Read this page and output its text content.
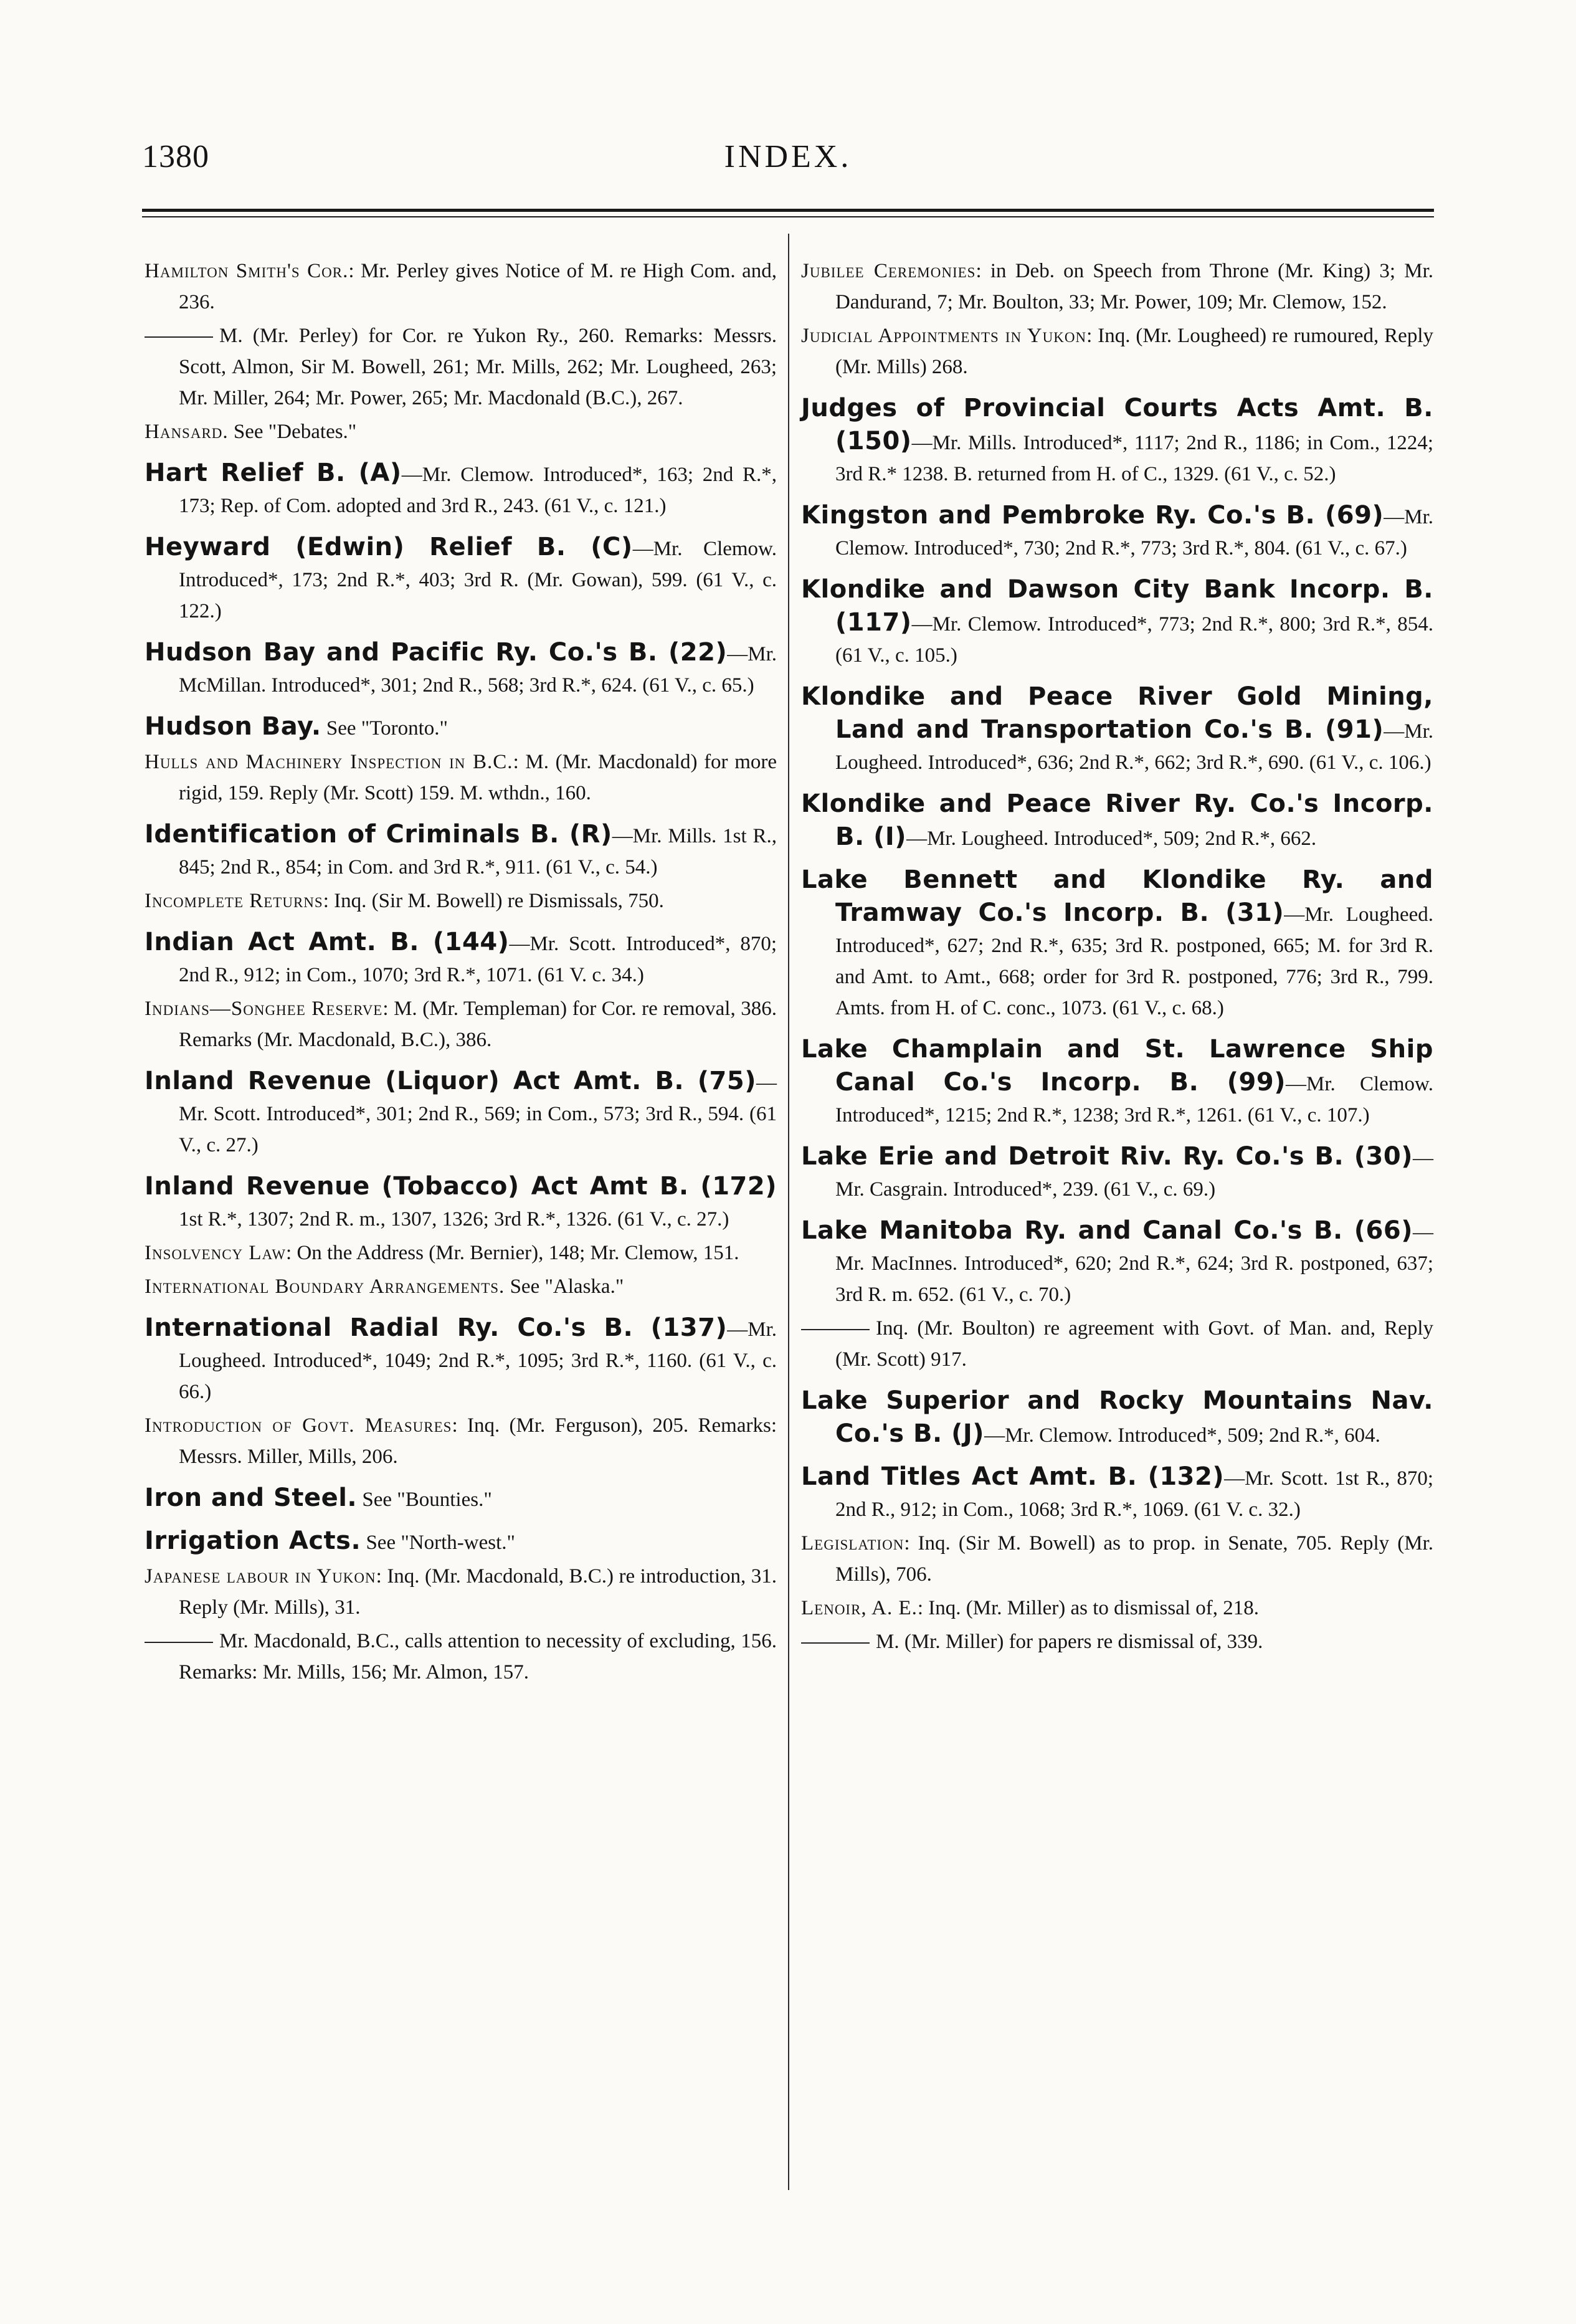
1380	INDEX.

Hamilton Smith's Cor.: Mr. Perley gives Notice of M. re High Com. and, 236.

M. (Mr. Perley) for Cor. re Yukon Ry., 260. Remarks: Messrs. Scott, Almon, Sir M. Bowell, 261; Mr. Mills, 262; Mr. Lougheed, 263; Mr. Miller, 264; Mr. Power, 265; Mr. Macdonald (B.C.), 267.

Hansard. See "Debates."

Hart Relief B. (A)—Mr. Clemow. Introduced*, 163; 2nd R.*, 173; Rep. of Com. adopted and 3rd R., 243. (61 V., c. 121.)

Heyward (Edwin) Relief B. (C)—Mr. Clemow. Introduced*, 173; 2nd R.*, 403; 3rd R. (Mr. Gowan), 599. (61 V., c. 122.)

Hudson Bay and Pacific Ry. Co.'s B. (22)—Mr. McMillan. Introduced*, 301; 2nd R., 568; 3rd R.*, 624. (61 V., c. 65.)

Hudson Bay. See "Toronto."

Hulls and Machinery Inspection in B.C.: M. (Mr. Macdonald) for more rigid, 159. Reply (Mr. Scott) 159. M. wthdn., 160.

Identification of Criminals B. (R)—Mr. Mills. 1st R., 845; 2nd R., 854; in Com. and 3rd R.*, 911. (61 V., c. 54.)

Incomplete Returns: Inq. (Sir M. Bowell) re Dismissals, 750.

Indian Act Amt. B. (144)—Mr. Scott. Introduced*, 870; 2nd R., 912; in Com., 1070; 3rd R.*, 1071. (61 V. c. 34.)

Indians—Songhee Reserve: M. (Mr. Templeman) for Cor. re removal, 386. Remarks (Mr. Macdonald, B.C.), 386.

Inland Revenue (Liquor) Act Amt. B. (75)—Mr. Scott. Introduced*, 301; 2nd R., 569; in Com., 573; 3rd R., 594. (61 V., c. 27.)

Inland Revenue (Tobacco) Act Amt B. (172) 1st R.*, 1307; 2nd R. m., 1307, 1326; 3rd R.*, 1326. (61 V., c. 27.)

Insolvency Law: On the Address (Mr. Bernier), 148; Mr. Clemow, 151.

International Boundary Arrangements. See "Alaska."

International Radial Ry. Co.'s B. (137)—Mr. Lougheed. Introduced*, 1049; 2nd R.*, 1095; 3rd R.*, 1160. (61 V., c. 66.)

Introduction of Govt. Measures: Inq. (Mr. Ferguson), 205. Remarks: Messrs. Miller, Mills, 206.

Iron and Steel. See "Bounties."

Irrigation Acts. See "North-west."

Japanese labour in Yukon: Inq. (Mr. Macdonald, B.C.) re introduction, 31. Reply (Mr. Mills), 31.

Mr. Macdonald, B.C., calls attention to necessity of excluding, 156. Remarks: Mr. Mills, 156; Mr. Almon, 157.

Jubilee Ceremonies: in Deb. on Speech from Throne (Mr. King) 3; Mr. Dandurand, 7; Mr. Boulton, 33; Mr. Power, 109; Mr. Clemow, 152.

Judicial Appointments in Yukon: Inq. (Mr. Lougheed) re rumoured, Reply (Mr. Mills) 268.

Judges of Provincial Courts Acts Amt. B. (150)—Mr. Mills. Introduced*, 1117; 2nd R., 1186; in Com., 1224; 3rd R.* 1238. B. returned from H. of C., 1329. (61 V., c. 52.)

Kingston and Pembroke Ry. Co.'s B. (69)—Mr. Clemow. Introduced*, 730; 2nd R.*, 773; 3rd R.*, 804. (61 V., c. 67.)

Klondike and Dawson City Bank Incorp. B. (117)—Mr. Clemow. Introduced*, 773; 2nd R.*, 800; 3rd R.*, 854. (61 V., c. 105.)

Klondike and Peace River Gold Mining, Land and Transportation Co.'s B. (91)—Mr. Lougheed. Introduced*, 636; 2nd R.*, 662; 3rd R.*, 690. (61 V., c. 106.)

Klondike and Peace River Ry. Co.'s Incorp. B. (I)—Mr. Lougheed. Introduced*, 509; 2nd R.*, 662.

Lake Bennett and Klondike Ry. and Tramway Co.'s Incorp. B. (31)—Mr. Lougheed. Introduced*, 627; 2nd R.*, 635; 3rd R. postponed, 665; M. for 3rd R. and Amt. to Amt., 668; order for 3rd R. postponed, 776; 3rd R., 799. Amts. from H. of C. conc., 1073. (61 V., c. 68.)

Lake Champlain and St. Lawrence Ship Canal Co.'s Incorp. B. (99)—Mr. Clemow. Introduced*, 1215; 2nd R.*, 1238; 3rd R.*, 1261. (61 V., c. 107.)

Lake Erie and Detroit Riv. Ry. Co.'s B. (30)—Mr. Casgrain. Introduced*, 239. (61 V., c. 69.)

Lake Manitoba Ry. and Canal Co.'s B. (66)—Mr. MacInnes. Introduced*, 620; 2nd R.*, 624; 3rd R. postponed, 637; 3rd R. m. 652. (61 V., c. 70.)

Inq. (Mr. Boulton) re agreement with Govt. of Man. and, Reply (Mr. Scott) 917.

Lake Superior and Rocky Mountains Nav. Co.'s B. (J)—Mr. Clemow. Introduced*, 509; 2nd R.*, 604.

Land Titles Act Amt. B. (132)—Mr. Scott. 1st R., 870; 2nd R., 912; in Com., 1068; 3rd R.*, 1069. (61 V. c. 32.)

Legislation: Inq. (Sir M. Bowell) as to prop. in Senate, 705. Reply (Mr. Mills), 706.

Lenoir, A. E.: Inq. (Mr. Miller) as to dismissal of, 218.

M. (Mr. Miller) for papers re dismissal of, 339.
